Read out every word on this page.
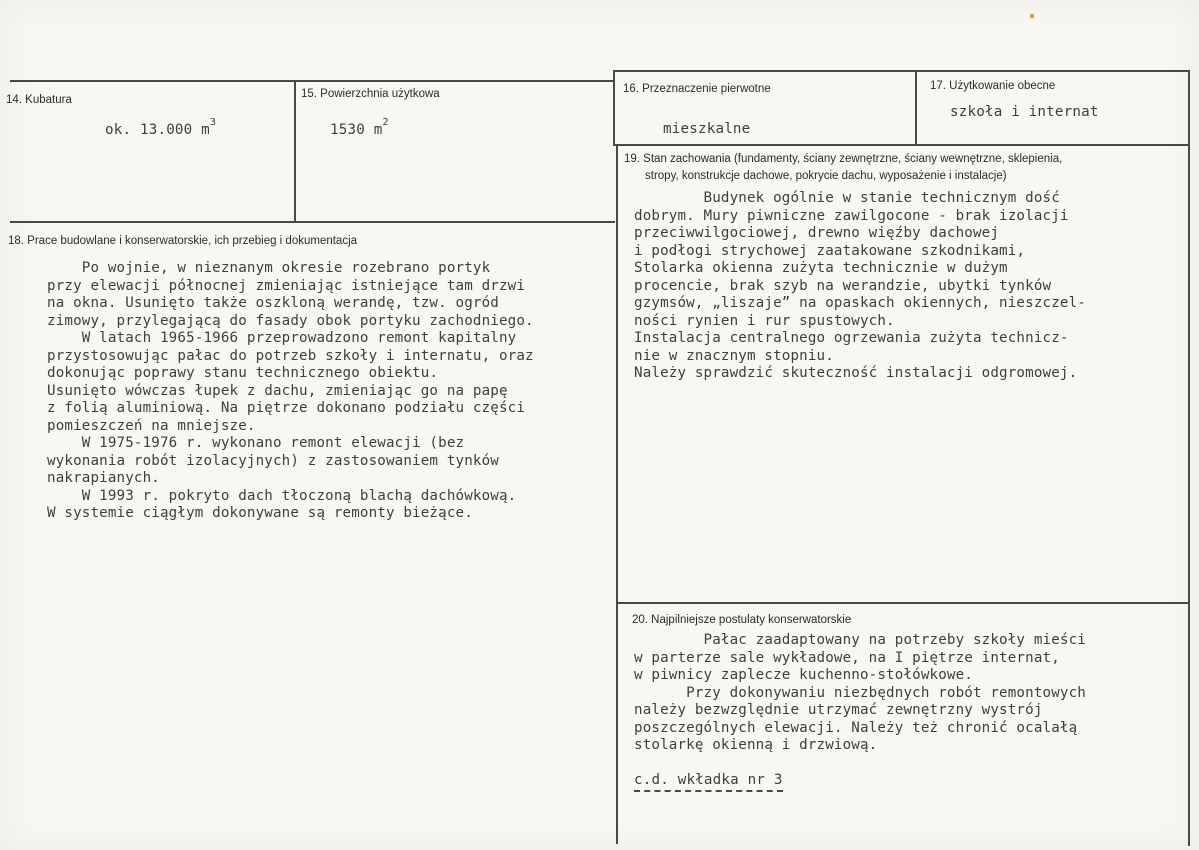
14. Kubatura
ok. 13.000 $m^3$
15. Powierzchnia użytkowa
1530 $m^2$
16. Przeznaczenie pierwotne
mieszkalne
17. Użytkowanie obecne
szkoła i internat
18. Prace budowlane i konserwatorskie, ich przebieg i dokumentacja
Po wojnie, w nieznanym okresie rozebrano portyk
przy elewacji północnej zmieniając istniejące tam drzwi
na okna. Usunięto także oszkloną werandę, tzw. ogród
zimowy, przylegającą do fasady obok portyku zachodniego.
W latach 1965-1966 przeprowadzono remont kapitalny
przystosowując pałac do potrzeb szkoły i internatu, oraz
dokonując poprawy stanu technicznego obiektu.
Usunięto wówczas łupek z dachu, zmieniając go na papę
z folią aluminiową. Na piętrze dokonano podziału części
pomieszczeń na mniejsze.
W 1975-1976 r. wykonano remont elewacji (bez
wykonania robót izolacyjnych) z zastosowaniem tynków
nakrapianych.
W 1993 r. pokryto dach tłoczoną blachą dachówkową.
W systemie ciągłym dokonywane są remonty bieżące.
19. Stan zachowania (fundamenty, ściany zewnętrzne, ściany wewnętrzne, sklepienia,
stropy, konstrukcje dachowe, pokrycie dachu, wyposażenie i instalacje)
Budynek ogólnie w stanie technicznym dość
dobrym. Mury piwniczne zawilgocone - brak izolacji
przeciwwilgociowej, drewno więźby dachowej
i podłogi strychowej zaatakowane szkodnikami,
Stolarka okienna zużyta technicznie w dużym
procencie, brak szyb na werandzie, ubytki tynków
gzymsów, „liszaje” na opaskach okiennych, nieszczel-
ności rynien i rur spustowych.
Instalacja centralnego ogrzewania zużyta technicz-
nie w znacznym stopniu.
Należy sprawdzić skuteczność instalacji odgromowej.
20. Najpilniejsze postulaty konserwatorskie
Pałac zaadaptowany na potrzeby szkoły mieści
w parterze sale wykładowe, na I piętrze internat,
w piwnicy zaplecze kuchenno-stołówkowe.
Przy dokonywaniu niezbędnych robót remontowych
należy bezwzględnie utrzymać zewnętrzny wystrój
poszczególnych elewacji. Należy też chronić ocalałą
stolarkę okienną i drzwiową.
c.d. wkładka nr 3
